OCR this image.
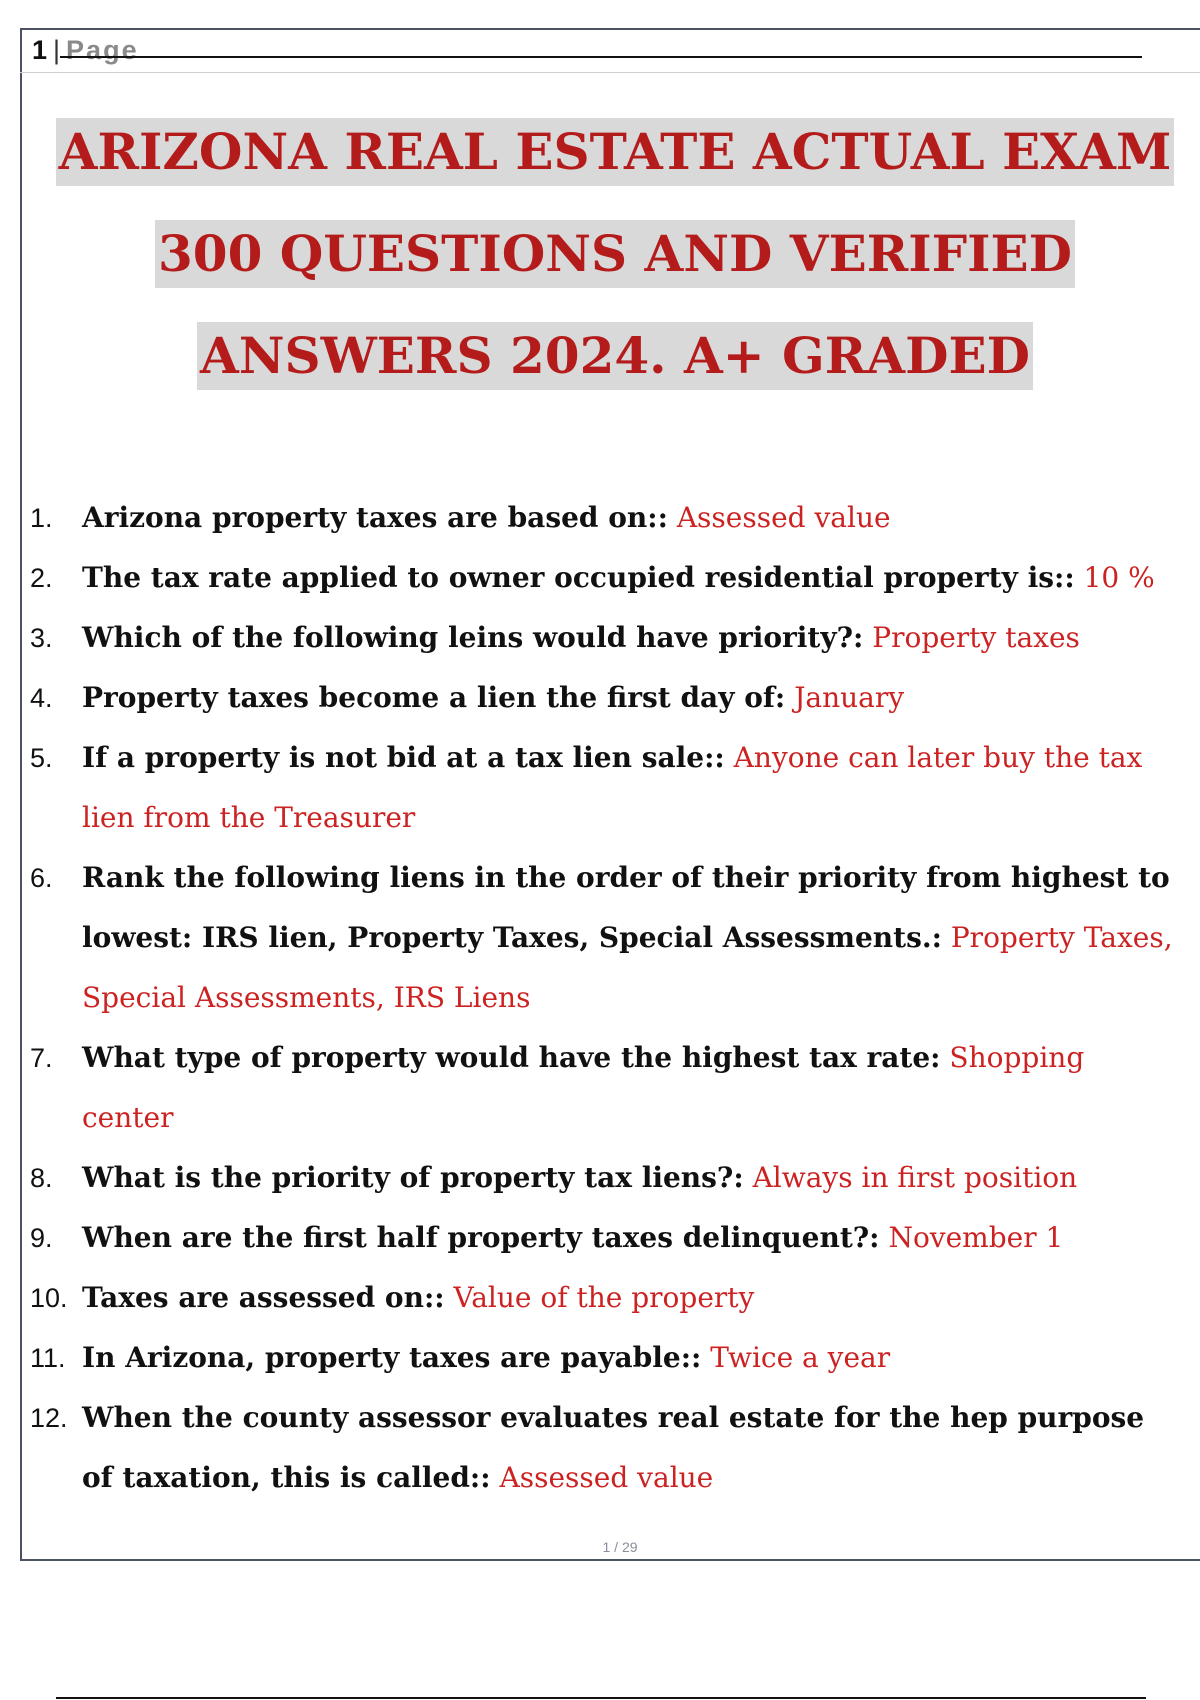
1 | Page
ARIZONA REAL ESTATE ACTUAL EXAM
300 QUESTIONS AND VERIFIED
ANSWERS 2024. A+ GRADED
1.	Arizona property taxes are based on:: Assessed value
2.	The tax rate applied to owner occupied residential property is:: 10 %
3.	Which of the following leins would have priority?: Property taxes
4.	Property taxes become a lien the first day of: January
5.	If a property is not bid at a tax lien sale:: Anyone can later buy the tax lien from the Treasurer
6.	Rank the following liens in the order of their priority from highest to lowest: IRS lien, Property Taxes, Special Assessments.: Property Taxes, Special Assessments, IRS Liens
7.	What type of property would have the highest tax rate: Shopping center
8.	What is the priority of property tax liens?: Always in first position
9.	When are the first half property taxes delinquent?: November 1
10. Taxes are assessed on:: Value of the property
11. In Arizona, property taxes are payable:: Twice a year
12. When the county assessor evaluates real estate for the hep purpose of taxation, this is called:: Assessed value
1 / 29
